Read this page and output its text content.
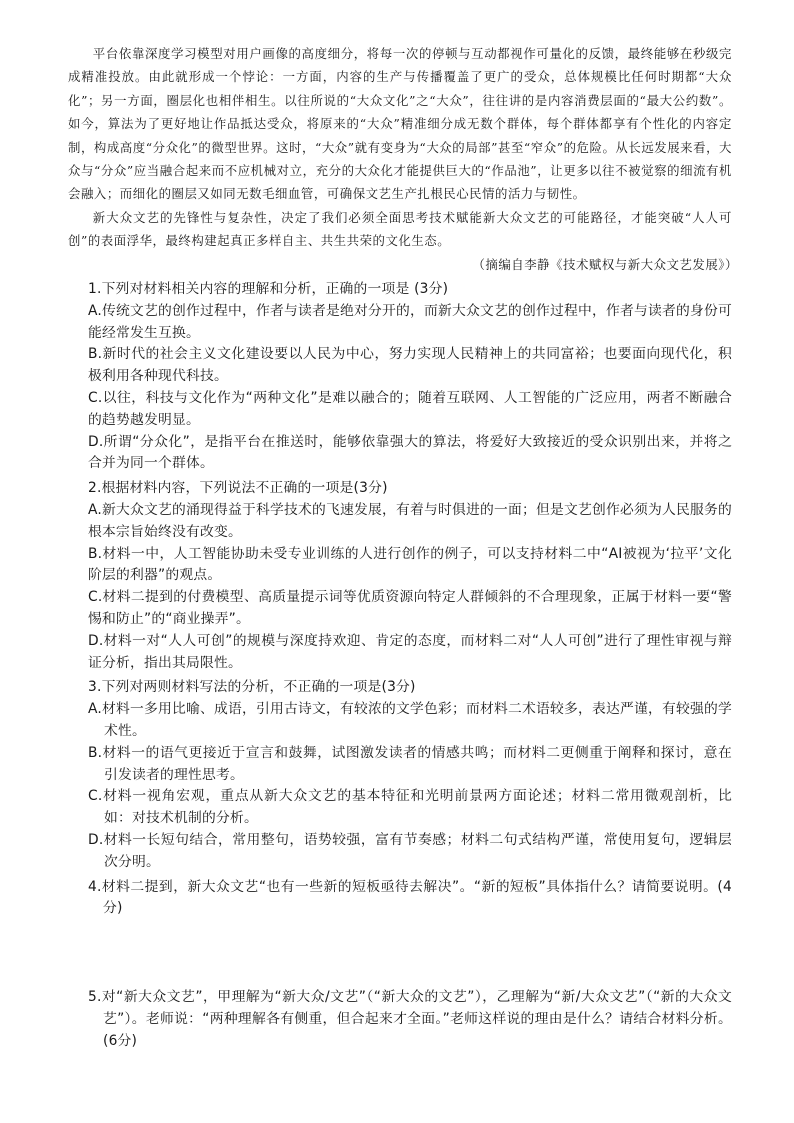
平台依靠深度学习模型对用户画像的高度细分，将每一次的停顿与互动都视作可量化的反馈，最终能够在秒级完成精准投放。由此就形成一个悖论：一方面，内容的生产与传播覆盖了更广的受众，总体规模比任何时期都“大众化”；另一方面，圈层化也相伴相生。以往所说的“大众文化”之“大众”，往往讲的是内容消费层面的“最大公约数”。如今，算法为了更好地让作品抵达受众，将原来的“大众”精准细分成无数个群体，每个群体都享有个性化的内容定制，构成高度“分众化”的微型世界。这时，“大众”就有变身为“大众的局部”甚至“窄众”的危险。从长远发展来看，大众与“分众”应当融合起来而不应机械对立，充分的大众化才能提供巨大的“作品池”，让更多以往不被觉察的细流有机会融入；而细化的圈层又如同无数毛细血管，可确保文艺生产扎根民心民情的活力与韧性。

新大众文艺的先锋性与复杂性，决定了我们必须全面思考技术赋能新大众文艺的可能路径，才能突破“人人可创”的表面浮华，最终构建起真正多样自主、共生共荣的文化生态。

（摘编自李静《技术赋权与新大众文艺发展》）
1.下列对材料相关内容的理解和分析，正确的一项是 (3分)
A.传统文艺的创作过程中，作者与读者是绝对分开的，而新大众文艺的创作过程中，作者与读者的身份可能经常发生互换。
B.新时代的社会主义文化建设要以人民为中心，努力实现人民精神上的共同富裕；也要面向现代化，积极利用各种现代科技。
C.以往，科技与文化作为“两种文化”是难以融合的；随着互联网、人工智能的广泛应用，两者不断融合的趋势越发明显。
D.所谓“分众化”，是指平台在推送时，能够依靠强大的算法，将爱好大致接近的受众识别出来，并将之合并为同一个群体。
2.根据材料内容，下列说法不正确的一项是(3分)
A.新大众文艺的涌现得益于科学技术的飞速发展，有着与时俱进的一面；但是文艺创作必须为人民服务的根本宗旨始终没有改变。
B.材料一中，人工智能协助未受专业训练的人进行创作的例子，可以支持材料二中“AI被视为‘拉平’文化阶层的利器”的观点。
C.材料二提到的付费模型、高质量提示词等优质资源向特定人群倾斜的不合理现象，正属于材料一要“警惕和防止”的“商业操弄”。
D.材料一对“人人可创”的规模与深度持欢迎、肯定的态度，而材料二对“人人可创”进行了理性审视与辩证分析，指出其局限性。
3.下列对两则材料写法的分析，不正确的一项是(3分)
A.材料一多用比喻、成语，引用古诗文，有较浓的文学色彩；而材料二术语较多，表达严谨，有较强的学术性。
B.材料一的语气更接近于宣言和鼓舞，试图激发读者的情感共鸣；而材料二更侧重于阐释和探讨，意在引发读者的理性思考。
C.材料一视角宏观，重点从新大众文艺的基本特征和光明前景两方面论述；材料二常用微观剖析，比如：对技术机制的分析。
D.材料一长短句结合，常用整句，语势较强，富有节奏感；材料二句式结构严谨，常使用复句，逻辑层次分明。
4.材料二提到，新大众文艺“也有一些新的短板亟待去解决”。“新的短板”具体指什么？请简要说明。(4分)
5.对“新大众文艺”，甲理解为“新大众/文艺”（“新大众的文艺”），乙理解为“新/大众文艺”（“新的大众文艺”）。老师说：“两种理解各有侧重，但合起来才全面。”老师这样说的理由是什么？请结合材料分析。(6分)
